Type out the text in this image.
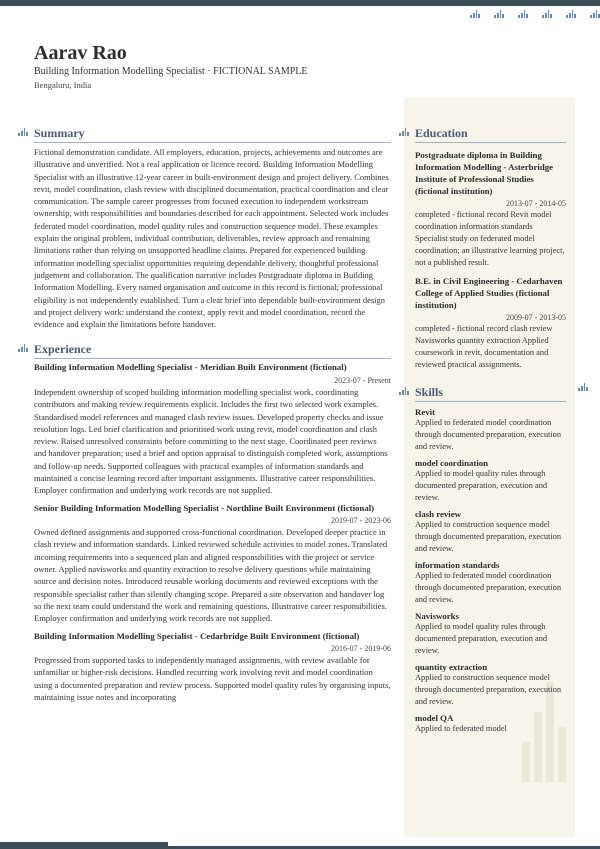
Aarav Rao
Building Information Modelling Specialist · FICTIONAL SAMPLE
Bengaluru, India
Summary

Fictional demonstration candidate. All employers, education, projects, achievements and outcomes are illustrative and unverified. Not a real application or licence record. Building Information Modelling Specialist with an illustrative 12-year career in built-environment design and project delivery. Combines revit, model coordination, clash review with disciplined documentation, practical coordination and clear communication. The sample career progresses from focused execution to independent workstream ownership, with responsibilities and boundaries described for each appointment. Selected work includes federated model coordination, model quality rules and construction sequence model. These examples explain the original problem, individual contribution, deliverables, review approach and remaining limitations rather than relying on unsupported headline claims. Prepared for experienced building information modelling specialist opportunities requiring dependable delivery, thoughtful professional judgement and collaboration. The qualification narrative includes Postgraduate diploma in Building Information Modelling. Every named organisation and outcome in this record is fictional; professional eligibility is not independently established. Turn a clear brief into dependable built-environment design and project delivery work: understand the context, apply revit and model coordination, record the evidence and explain the limitations before handover.

Experience
Building Information Modelling Specialist - Meridian Built Environment (fictional)
2023-07 - Present

Independent ownership of scoped building information modelling specialist work, coordinating contributors and making review requirements explicit. Includes the first two selected work examples. Standardised model references and managed clash review issues. Developed property checks and issue resolution logs. Led brief clarification and prioritised work using revit, model coordination and clash review. Raised unresolved constraints before committing to the next stage. Coordinated peer reviews and handover preparation; used a brief and option appraisal to distinguish completed work, assumptions and follow-up needs. Supported colleagues with practical examples of information standards and maintained a concise learning record after important assignments. Illustrative career responsibilities. Employer confirmation and underlying work records are not supplied.

Senior Building Information Modelling Specialist - Northline Built Environment (fictional)
2019-07 - 2023-06

Owned defined assignments and supported cross-functional coordination. Developed deeper practice in clash review and information standards. Linked reviewed schedule activities to model zones. Translated incoming requirements into a sequenced plan and aligned responsibilities with the project or service owner. Applied navisworks and quantity extraction to resolve delivery questions while maintaining source and decision notes. Introduced reusable working documents and reviewed exceptions with the responsible specialist rather than silently changing scope. Prepared a site observation and handover log so the next team could understand the work and remaining questions. Illustrative career responsibilities. Employer confirmation and underlying work records are not supplied.

Building Information Modelling Specialist - Cedarbridge Built Environment (fictional)
2016-07 - 2019-06

Progressed from supported tasks to independently managed assignments, with review available for unfamiliar or higher-risk decisions. Handled recurring work involving revit and model coordination using a documented preparation and review process. Supported model quality rules by organising inputs, maintaining issue notes and incorporating

Education
Postgraduate diploma in Building Information Modelling - Asterbridge Institute of Professional Studies (fictional institution)
2013-07 - 2014-05
completed - fictional record Revit model coordination information standards Specialist study on federated model coordination; an illustrative learning project, not a published result.
B.E. in Civil Engineering - Cedarhaven College of Applied Studies (fictional institution)
2009-07 - 2013-05
completed - fictional record clash review Navisworks quantity extraction Applied coursework in revit, documentation and reviewed practical assignments.
Skills
Revit
Applied to federated model coordination through documented preparation, execution and review.
model coordination
Applied to model quality rules through documented preparation, execution and review.
clash review
Applied to construction sequence model through documented preparation, execution and review.
information standards
Applied to federated model coordination through documented preparation, execution and review.
Navisworks
Applied to model quality rules through documented preparation, execution and review.
quantity extraction
Applied to construction sequence model through documented preparation, execution and review.
model QA
Applied to federated model
